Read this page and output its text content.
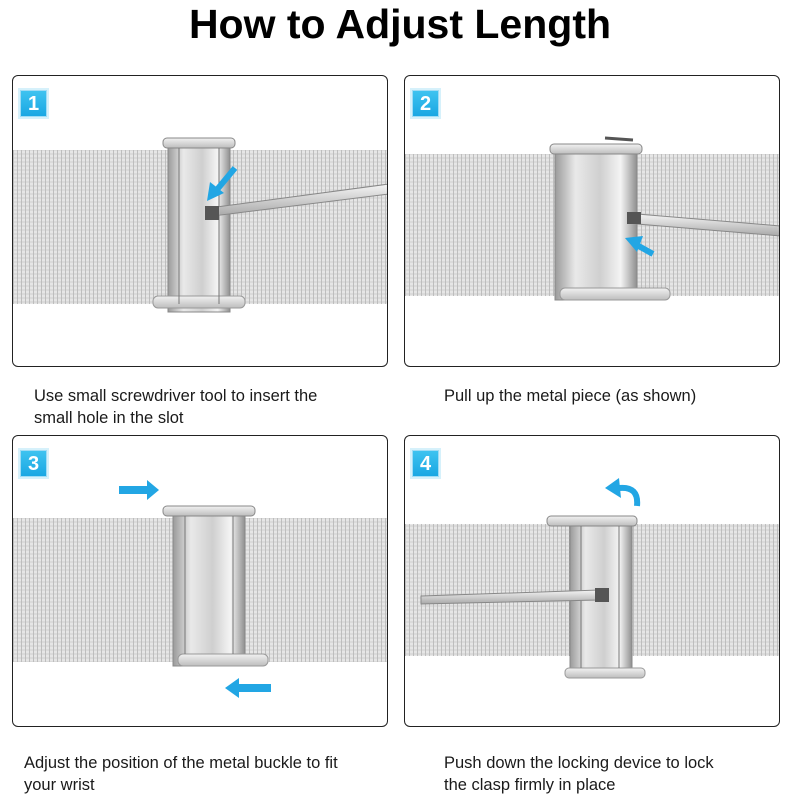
How to Adjust Length
1	2
3	4
Use small screwdriver tool to insert the
small hole in the slot
Pull up the metal piece (as shown)
Adjust the position of the metal buckle to fit
your wrist
Push down the locking device to lock
the clasp firmly in place
